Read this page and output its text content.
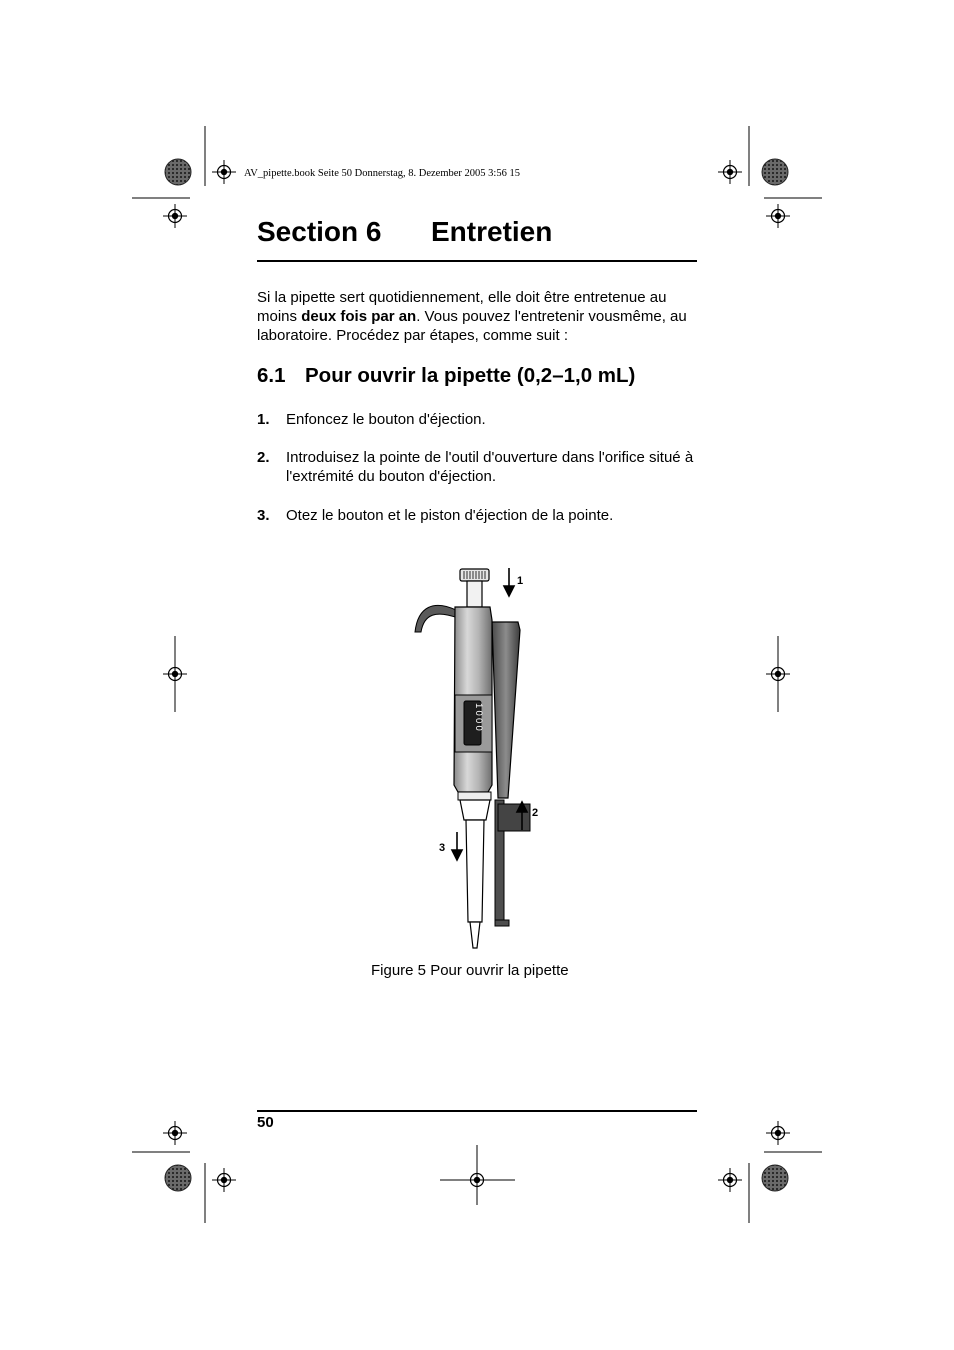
AV_pipette.book Seite 50 Donnerstag, 8. Dezember 2005 3:56 15
Section 6 Entretien
Si la pipette sert quotidiennement, elle doit être entretenue au moins deux fois par an. Vous pouvez l'entretenir vousmême, au laboratoire. Procédez par étapes, comme suit :
6.1 Pour ouvrir la pipette (0,2–1,0 mL)
1. Enfoncez le bouton d'éjection.
2. Introduisez la pointe de l'outil d'ouverture dans l'orifice situé à l'extrémité du bouton d'éjection.
3. Otez le bouton et le piston d'éjection de la pointe.
1000
1
2
3
Figure 5 Pour ouvrir la pipette
50
